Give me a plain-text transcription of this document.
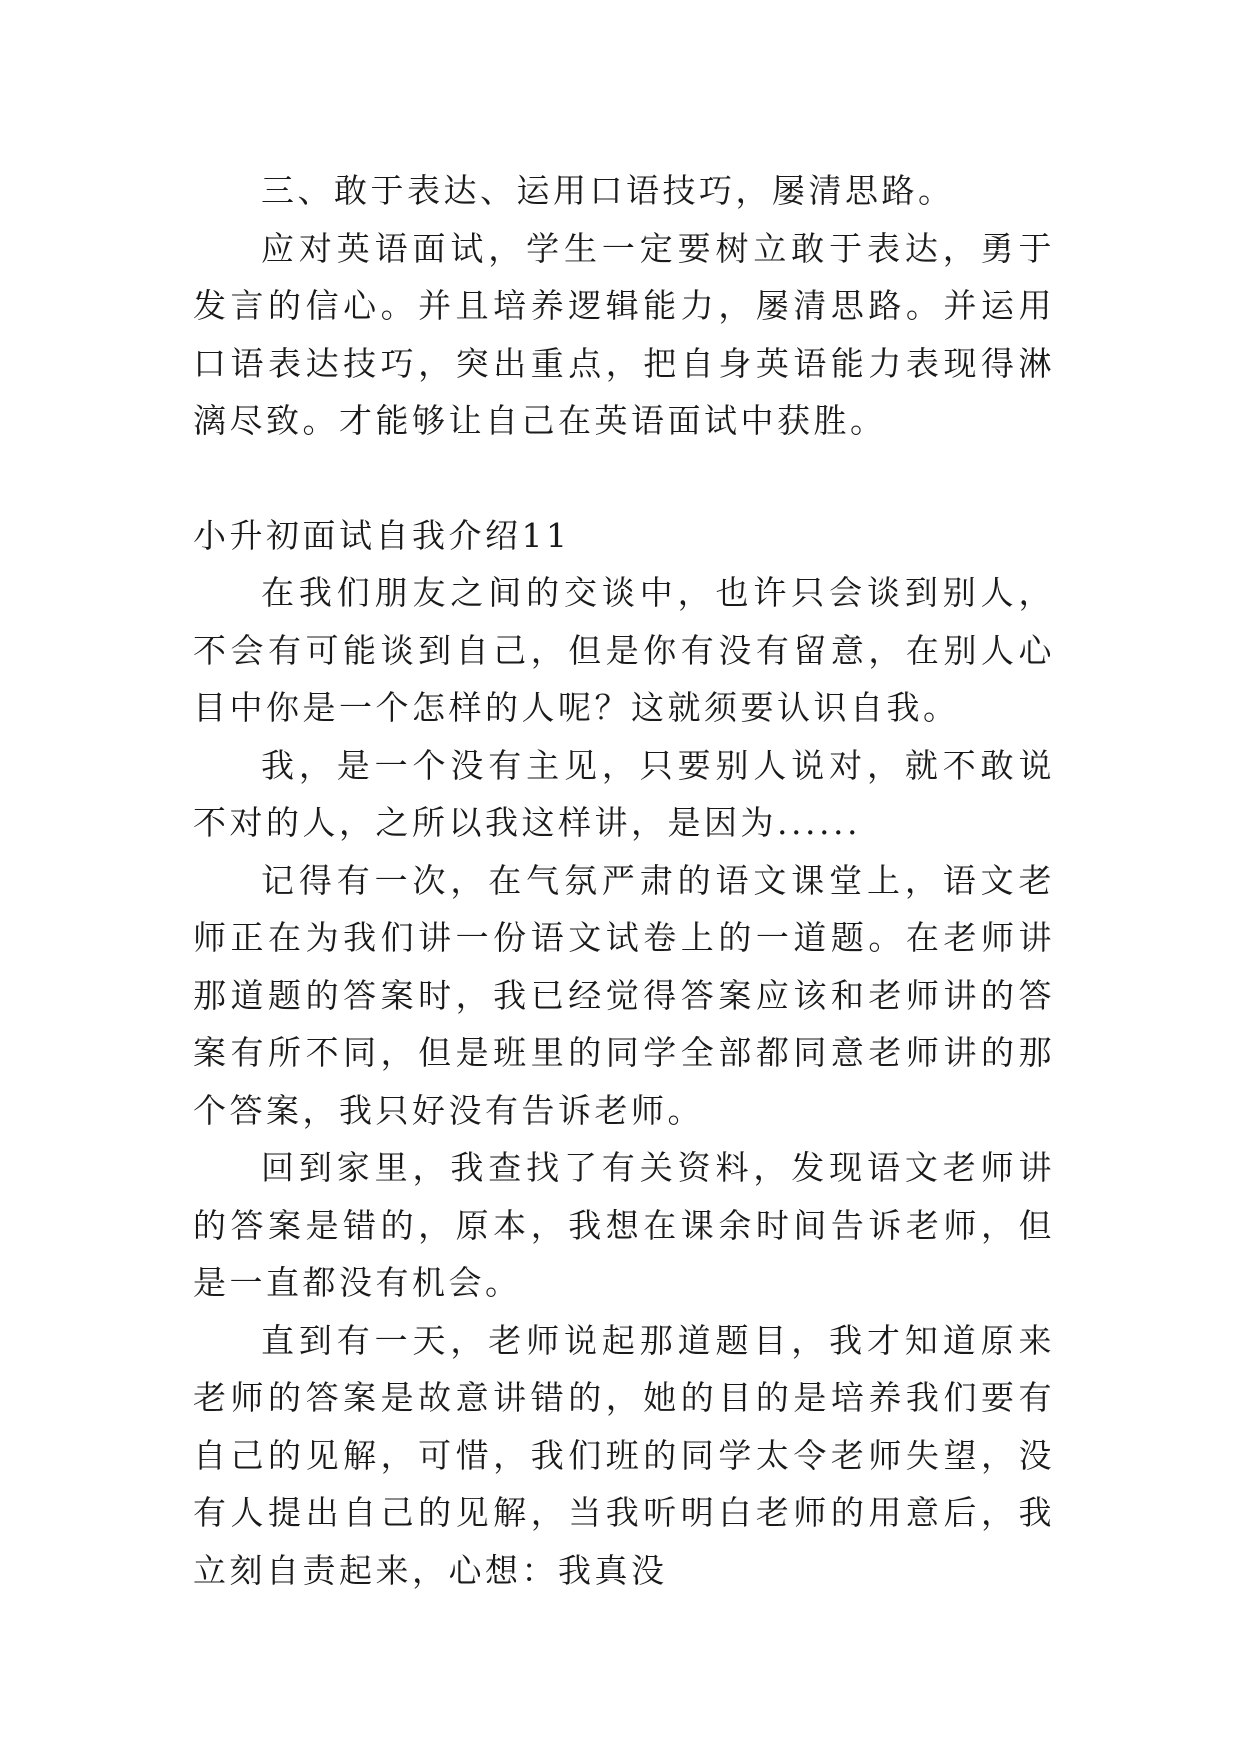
三、敢于表达、运用口语技巧，屡清思路。

应对英语面试，学生一定要树立敢于表达，勇于发言的信心。并且培养逻辑能力，屡清思路。并运用口语表达技巧，突出重点，把自身英语能力表现得淋漓尽致。才能够让自己在英语面试中获胜。

小升初面试自我介绍11

在我们朋友之间的交谈中，也许只会谈到别人，不会有可能谈到自己，但是你有没有留意，在别人心目中你是一个怎样的人呢？这就须要认识自我。

我，是一个没有主见，只要别人说对，就不敢说不对的人，之所以我这样讲，是因为......

记得有一次，在气氛严肃的语文课堂上，语文老师正在为我们讲一份语文试卷上的一道题。在老师讲那道题的答案时，我已经觉得答案应该和老师讲的答案有所不同，但是班里的同学全部都同意老师讲的那个答案，我只好没有告诉老师。

回到家里，我查找了有关资料，发现语文老师讲的答案是错的，原本，我想在课余时间告诉老师，但是一直都没有机会。

直到有一天，老师说起那道题目，我才知道原来老师的答案是故意讲错的，她的目的是培养我们要有自己的见解，可惜，我们班的同学太令老师失望，没有人提出自己的见解，当我听明白老师的用意后，我立刻自责起来，心想：我真没
